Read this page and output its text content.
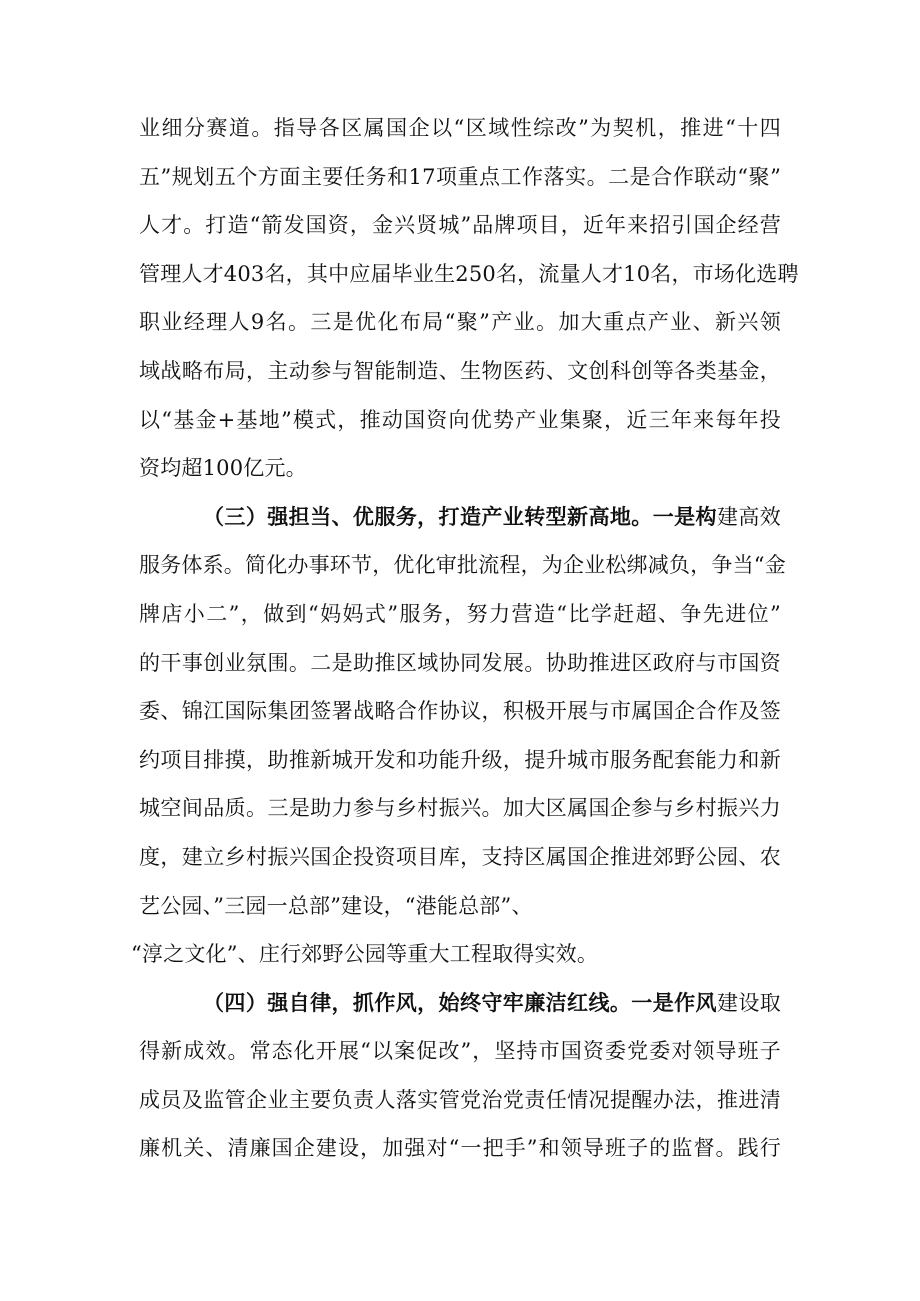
业细分赛道。指导各区属国企以“区域性综改”为契机，推进“十四
五”规划五个方面主要任务和17项重点工作落实。二是合作联动“聚”
人才。打造“箭发国资，金兴贤城”品牌项目，近年来招引国企经营
管理人才403名，其中应届毕业生250名，流量人才10名，市场化选聘
职业经理人9名。三是优化布局“聚”产业。加大重点产业、新兴领
域战略布局，主动参与智能制造、生物医药、文创科创等各类基金，
以“基金+基地”模式，推动国资向优势产业集聚，近三年来每年投
资均超100亿元。
（三）强担当、优服务，打造产业转型新高地。一是构建高效
服务体系。简化办事环节，优化审批流程，为企业松绑减负，争当“金
牌店小二”，做到“妈妈式”服务，努力营造“比学赶超、争先进位”
的干事创业氛围。二是助推区域协同发展。协助推进区政府与市国资
委、锦江国际集团签署战略合作协议，积极开展与市属国企合作及签
约项目排摸，助推新城开发和功能升级，提升城市服务配套能力和新
城空间品质。三是助力参与乡村振兴。加大区属国企参与乡村振兴力
度，建立乡村振兴国企投资项目库，支持区属国企推进郊野公园、农
艺公园、”三园一总部”建设，“港能总部”、
“淳之文化”、庄行郊野公园等重大工程取得实效。
（四）强自律，抓作风，始终守牢廉洁红线。一是作风建设取
得新成效。常态化开展“以案促改”，坚持市国资委党委对领导班子
成员及监管企业主要负责人落实管党治党责任情况提醒办法，推进清
廉机关、清廉国企建设，加强对“一把手”和领导班子的监督。践行
